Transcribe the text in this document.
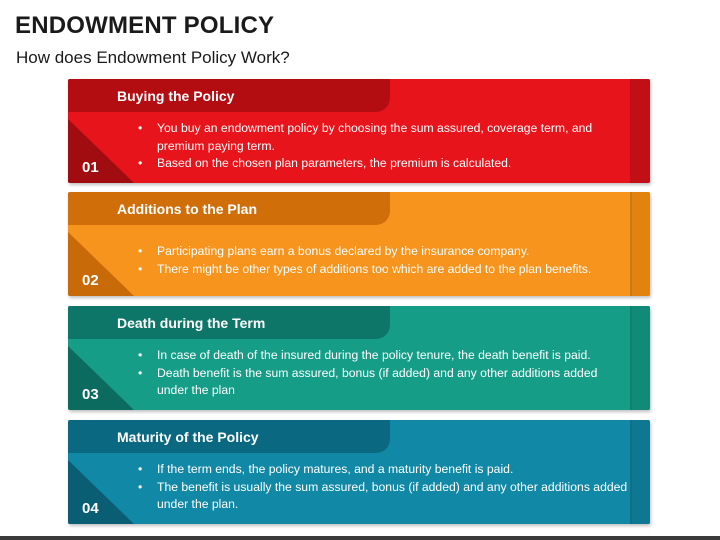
ENDOWMENT POLICY
How does Endowment Policy Work?
Buying the Policy
01
• You buy an endowment policy by choosing the sum assured, coverage term, and premium paying term.
• Based on the chosen plan parameters, the premium is calculated.
Additions to the Plan
02
• Participating plans earn a bonus declared by the insurance company.
• There might be other types of additions too which are added to the plan benefits.
Death during the Term
03
• In case of death of the insured during the policy tenure, the death benefit is paid.
• Death benefit is the sum assured, bonus (if added) and any other additions added under the plan
Maturity of the Policy
04
• If the term ends, the policy matures, and a maturity benefit is paid.
• The benefit is usually the sum assured, bonus (if added) and any other additions added under the plan.
